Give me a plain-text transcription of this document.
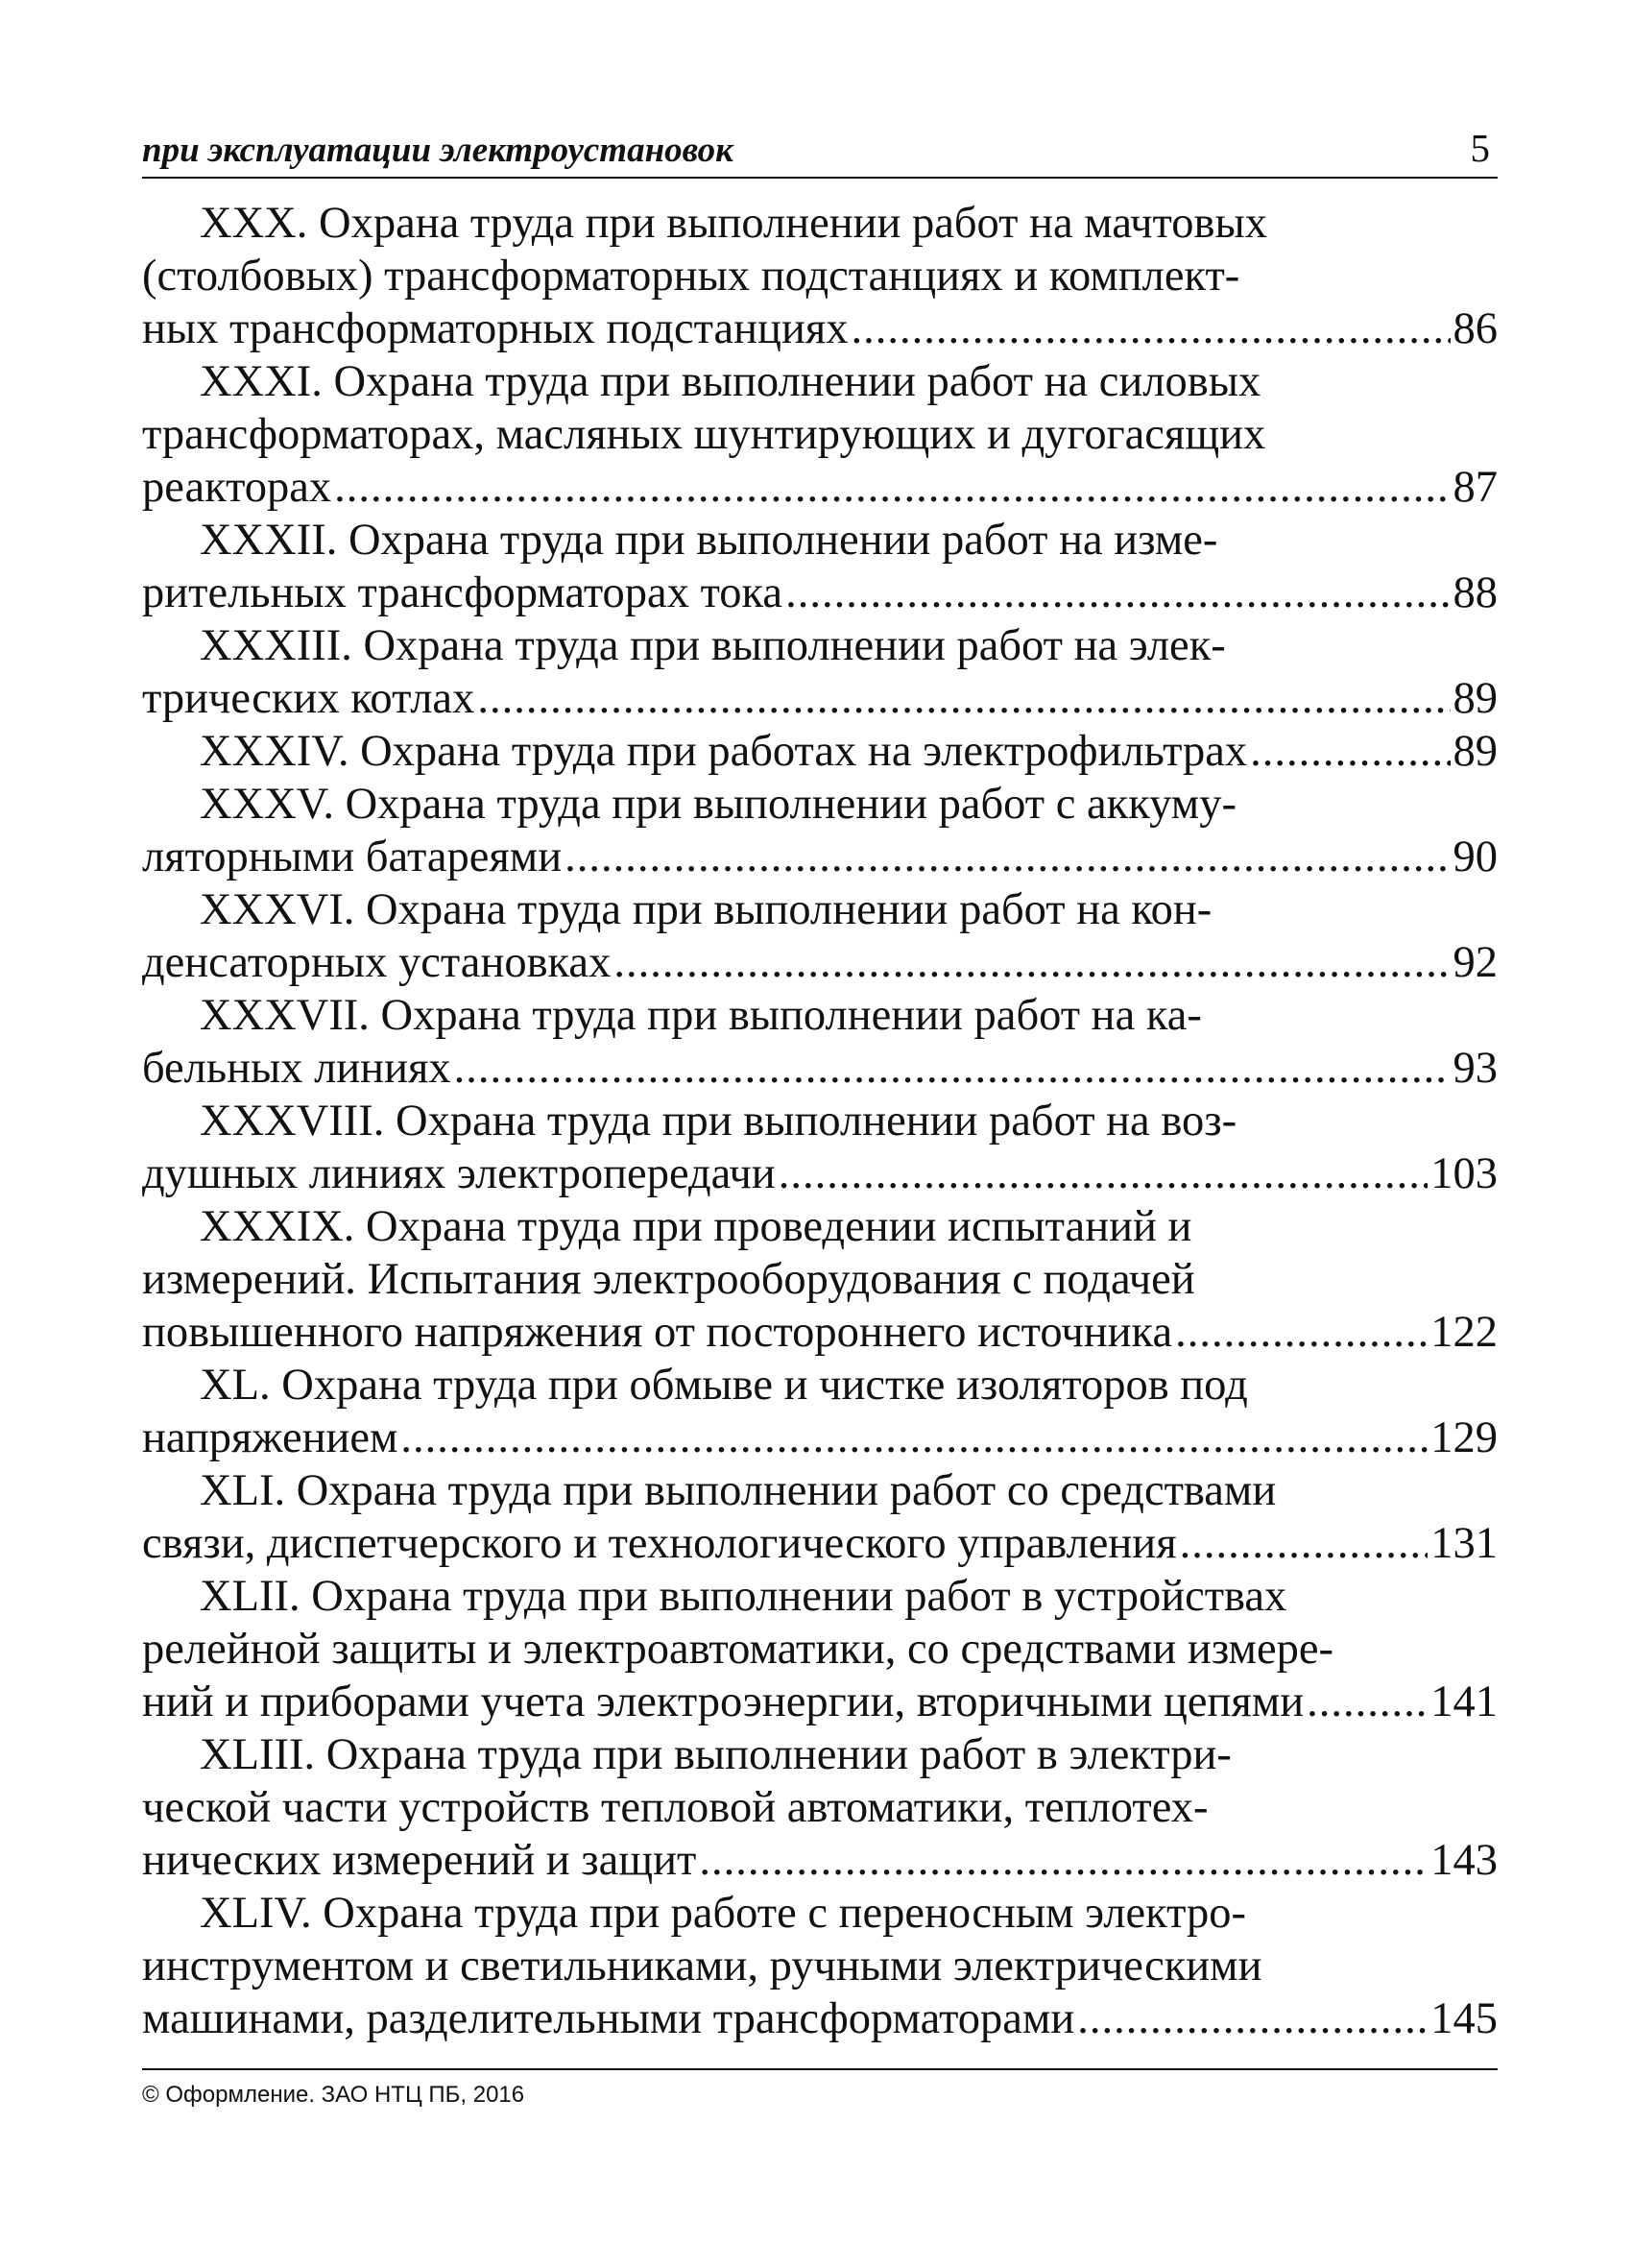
при эксплуатации электроустановок	5
XXX. Охрана труда при выполнении работ на мачтовых
(столбовых) трансформаторных подстанциях и комплект-
ных трансформаторных подстанциях .....	86
XXXI. Охрана труда при выполнении работ на силовых
трансформаторах, масляных шунтирующих и дугогасящих
реакторах .....	87
XXXII. Охрана труда при выполнении работ на изме-
рительных трансформаторах тока .....	88
XXXIII. Охрана труда при выполнении работ на элек-
трических котлах .....	89
XXXIV. Охрана труда при работах на электрофильтрах .....	89
XXXV. Охрана труда при выполнении работ с аккуму-
ляторными батареями .....	90
XXXVI. Охрана труда при выполнении работ на кон-
денсаторных установках .....	92
XXXVII. Охрана труда при выполнении работ на ка-
бельных линиях .....	93
XXXVIII. Охрана труда при выполнении работ на воз-
душных линиях электропередачи .....	103
XXXIX. Охрана труда при проведении испытаний и
измерений. Испытания электрооборудования с подачей
повышенного напряжения от постороннего источника .....	122
XL. Охрана труда при обмыве и чистке изоляторов под
напряжением .....	129
XLI. Охрана труда при выполнении работ со средствами
связи, диспетчерского и технологического управления .....	131
XLII. Охрана труда при выполнении работ в устройствах
релейной защиты и электроавтоматики, со средствами измере-
ний и приборами учета электроэнергии, вторичными цепями .....	141
XLIII. Охрана труда при выполнении работ в электри-
ческой части устройств тепловой автоматики, теплотех-
нических измерений и защит .....	143
XLIV. Охрана труда при работе с переносным электро-
инструментом и светильниками, ручными электрическими
машинами, разделительными трансформаторами .....	145
© Оформление. ЗАО НТЦ ПБ, 2016
